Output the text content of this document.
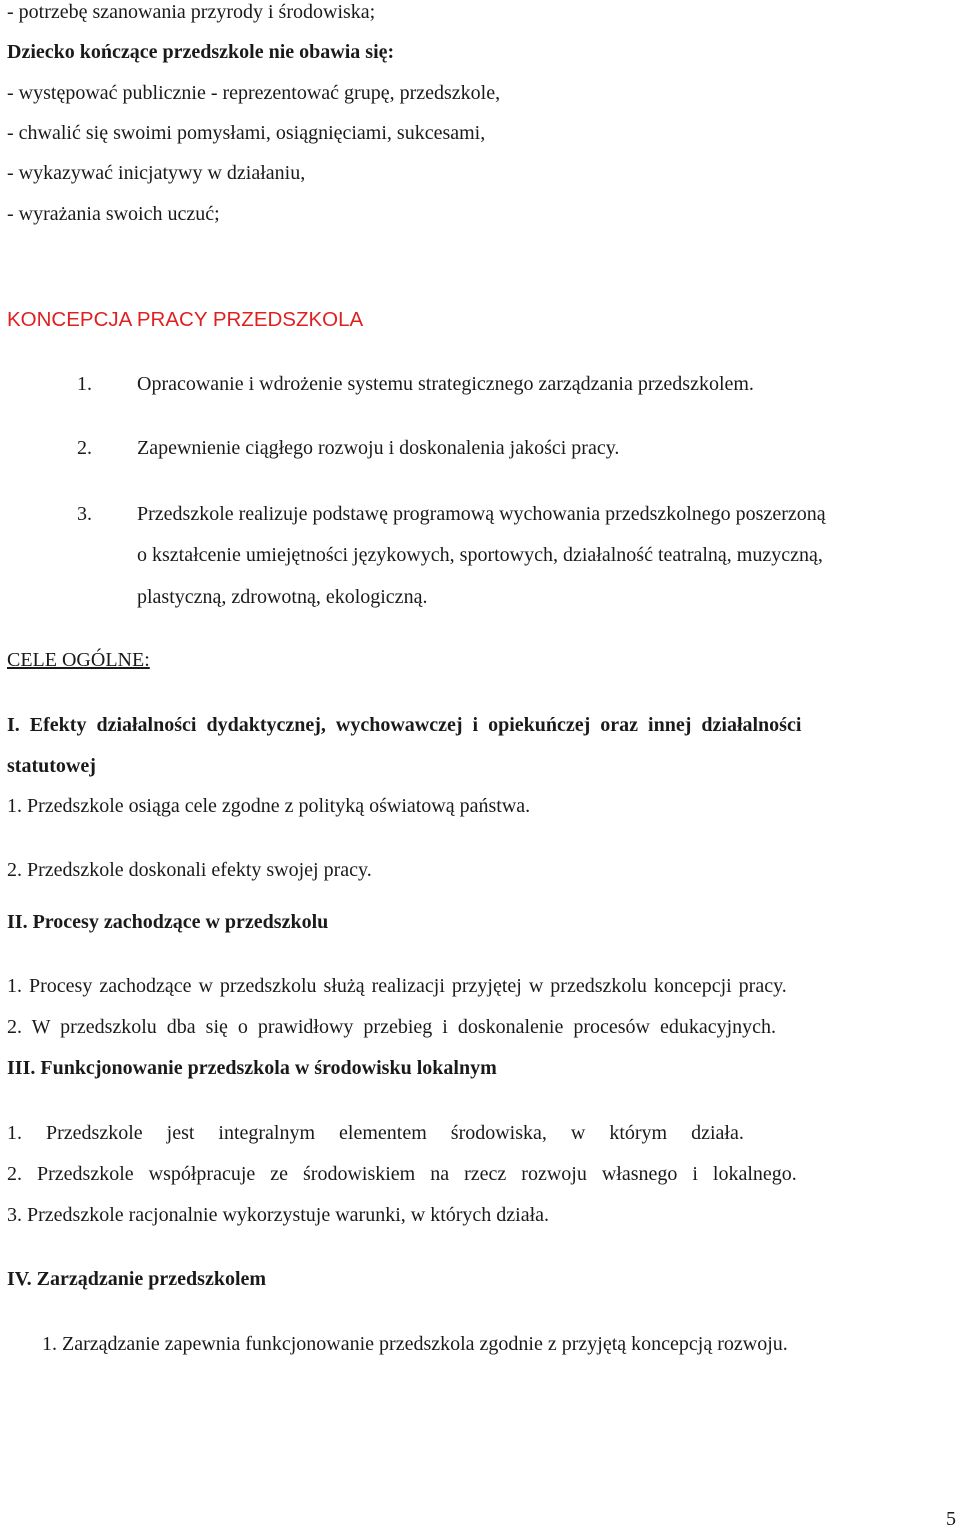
- potrzebę szanowania przyrody i środowiska;
Dziecko kończące przedszkole nie obawia się:
- występować publicznie - reprezentować grupę, przedszkole,
- chwalić się swoimi pomysłami, osiągnięciami, sukcesami,
- wykazywać inicjatywy w działaniu,
- wyrażania swoich uczuć;
KONCEPCJA PRACY PRZEDSZKOLA
1. Opracowanie i wdrożenie systemu strategicznego zarządzania przedszkolem.
2. Zapewnienie ciągłego rozwoju i doskonalenia jakości pracy.
3. Przedszkole realizuje podstawę programową wychowania przedszkolnego poszerzoną
o kształcenie umiejętności językowych, sportowych, działalność teatralną, muzyczną,
plastyczną, zdrowotną, ekologiczną.
CELE OGÓLNE:
I. Efekty działalności dydaktycznej, wychowawczej i opiekuńczej oraz innej działalności
statutowej
1. Przedszkole osiąga cele zgodne z polityką oświatową państwa.
2. Przedszkole doskonali efekty swojej pracy.
II. Procesy zachodzące w przedszkolu
1. Procesy zachodzące w przedszkolu służą realizacji przyjętej w przedszkolu koncepcji pracy.
2. W przedszkolu dba się o prawidłowy przebieg i doskonalenie procesów edukacyjnych.
III. Funkcjonowanie przedszkola w środowisku lokalnym
1. Przedszkole jest integralnym elementem środowiska, w którym działa.
2. Przedszkole współpracuje ze środowiskiem na rzecz rozwoju własnego i lokalnego.
3. Przedszkole racjonalnie wykorzystuje warunki, w których działa.
IV. Zarządzanie przedszkolem
1. Zarządzanie zapewnia funkcjonowanie przedszkola zgodnie z przyjętą koncepcją rozwoju.
5
